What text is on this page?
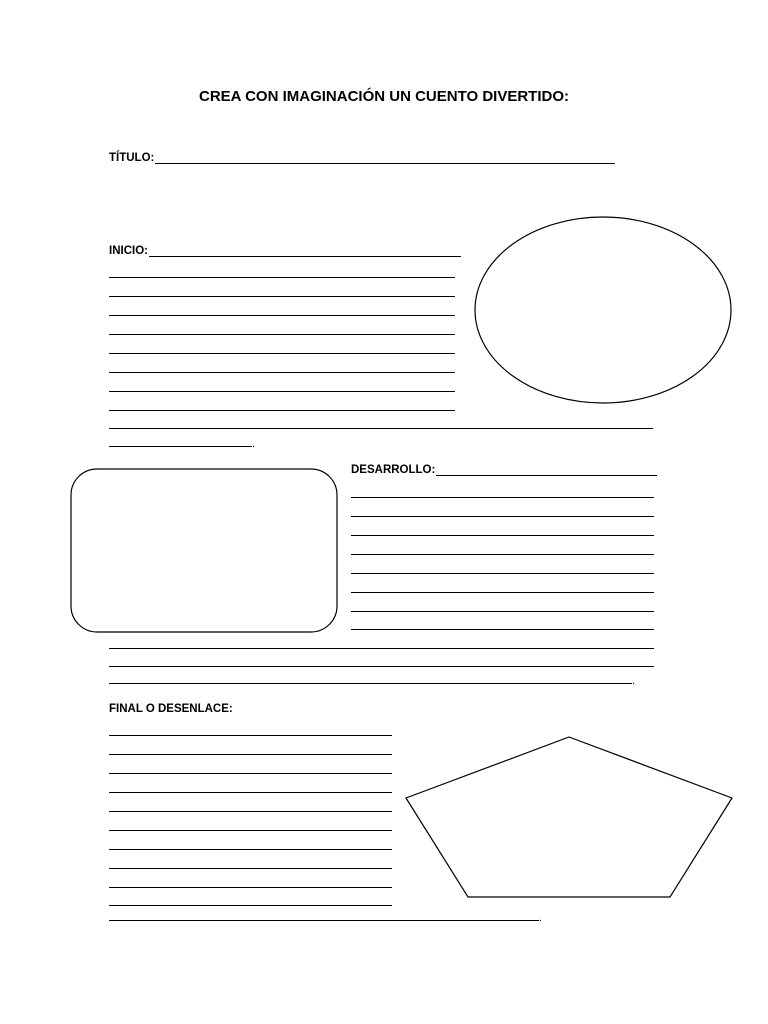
CREA CON IMAGINACIÓN UN CUENTO DIVERTIDO:
TÍTULO:
INICIO:
.
DESARROLLO:
.
FINAL O DESENLACE:
.
